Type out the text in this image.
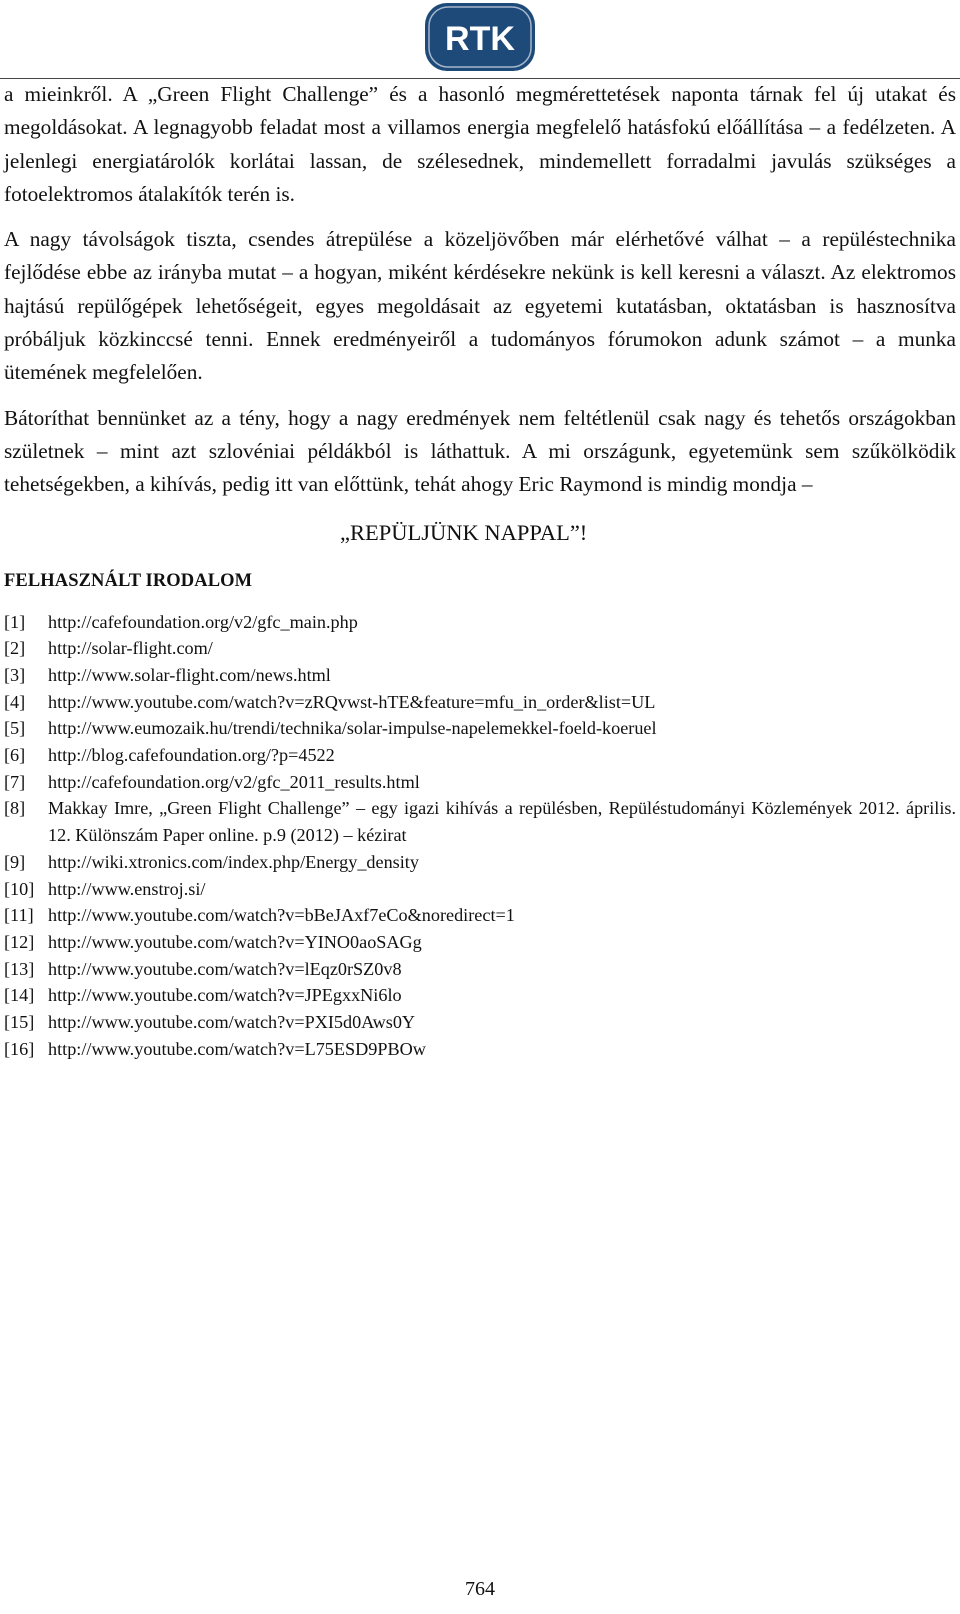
RTK

a mieinkről. A „Green Flight Challenge” és a hasonló megmérettetések naponta tárnak fel új utakat és megoldásokat. A legnagyobb feladat most a villamos energia megfelelő hatásfokú előállítása – a fedélzeten. A jelenlegi energiatárolók korlátai lassan, de szélesednek, mindemellett forradalmi javulás szükséges a fotoelektromos átalakítók terén is.

A nagy távolságok tiszta, csendes átrepülése a közeljövőben már elérhetővé válhat – a repüléstechnika fejlődése ebbe az irányba mutat – a hogyan, miként kérdésekre nekünk is kell keresni a választ. Az elektromos hajtású repülőgépek lehetőségeit, egyes megoldásait az egyetemi kutatásban, oktatásban is hasznosítva próbáljuk közkinccsé tenni. Ennek eredményeiről a tudományos fórumokon adunk számot – a munka ütemének megfelelően.

Bátoríthat bennünket az a tény, hogy a nagy eredmények nem feltétlenül csak nagy és tehetős országokban születnek – mint azt szlovéniai példákból is láthattuk. A mi országunk, egyetemünk sem szűkölködik tehetségekben, a kihívás, pedig itt van előttünk, tehát ahogy Eric Raymond is mindig mondja –

„REPÜLJÜNK NAPPAL”!
FELHASZNÁLT IRODALOM
[1]	http://cafefoundation.org/v2/gfc_main.php
[2]	http://solar-flight.com/
[3]	http://www.solar-flight.com/news.html
[4]	http://www.youtube.com/watch?v=zRQvwst-hTE&feature=mfu_in_order&list=UL
[5]	http://www.eumozaik.hu/trendi/technika/solar-impulse-napelemekkel-foeld-koeruel
[6]	http://blog.cafefoundation.org/?p=4522
[7]	http://cafefoundation.org/v2/gfc_2011_results.html
[8]	Makkay Imre, „Green Flight Challenge” – egy igazi kihívás a repülésben, Repüléstudományi Közlemények 2012. április. 12. Különszám Paper online. p.9 (2012) – kézirat
[9]	http://wiki.xtronics.com/index.php/Energy_density
[10] http://www.enstroj.si/
[11] http://www.youtube.com/watch?v=bBeJAxf7eCo&noredirect=1
[12] http://www.youtube.com/watch?v=YINO0aoSAGg
[13] http://www.youtube.com/watch?v=lEqz0rSZ0v8
[14] http://www.youtube.com/watch?v=JPEgxxNi6lo
[15] http://www.youtube.com/watch?v=PXI5d0Aws0Y
[16] http://www.youtube.com/watch?v=L75ESD9PBOw
764
